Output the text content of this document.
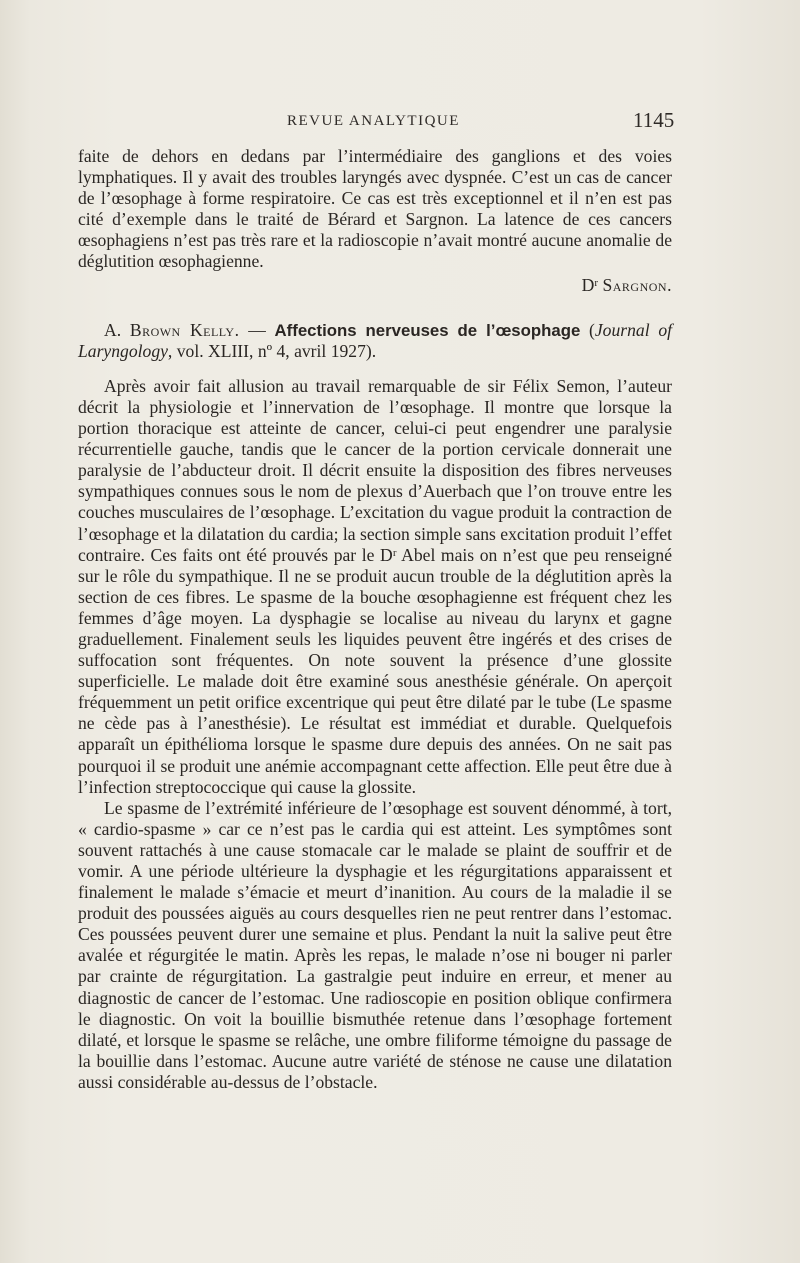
REVUE ANALYTIQUE	1145

faite de dehors en dedans par l’intermédiaire des ganglions et des voies lymphatiques. Il y avait des troubles laryngés avec dyspnée. C’est un cas de cancer de l’œsophage à forme respiratoire. Ce cas est très exceptionnel et il n’en est pas cité d’exemple dans le traité de Bérard et Sargnon. La latence de ces cancers œsophagiens n’est pas très rare et la radioscopie n’avait montré aucune anomalie de déglutition œsophagienne.

$D^r$ Sargnon.

A. Brown Kelly. — Affections nerveuses de l’œsophage (Journal of Laryngology, vol. XLIII, nº 4, avril 1927).

Après avoir fait allusion au travail remarquable de sir Félix Semon, l’auteur décrit la physiologie et l’innervation de l’œsophage. Il montre que lorsque la portion thoracique est atteinte de cancer, celui-ci peut engendrer une paralysie récurrentielle gauche, tandis que le cancer de la portion cervicale donnerait une paralysie de l’abducteur droit. Il décrit ensuite la disposition des fibres nerveuses sympathiques connues sous le nom de plexus d’Auerbach que l’on trouve entre les couches musculaires de l’œsophage. L’excitation du vague produit la contraction de l’œsophage et la dilatation du cardia; la section simple sans excitation produit l’effet contraire. Ces faits ont été prouvés par le Dʳ Abel mais on n’est que peu renseigné sur le rôle du sympathique. Il ne se produit aucun trouble de la déglutition après la section de ces fibres. Le spasme de la bouche œsophagienne est fréquent chez les femmes d’âge moyen. La dysphagie se localise au niveau du larynx et gagne graduellement. Finalement seuls les liquides peuvent être ingérés et des crises de suffocation sont fréquentes. On note souvent la présence d’une glossite superficielle. Le malade doit être examiné sous anesthésie générale. On aperçoit fréquemment un petit orifice excentrique qui peut être dilaté par le tube (Le spasme ne cède pas à l’anesthésie). Le résultat est immédiat et durable. Quelquefois apparaît un épithélioma lorsque le spasme dure depuis des années. On ne sait pas pourquoi il se produit une anémie accompagnant cette affection. Elle peut être due à l’infection streptococcique qui cause la glossite.

Le spasme de l’extrémité inférieure de l’œsophage est souvent dénommé, à tort, « cardio-spasme » car ce n’est pas le cardia qui est atteint. Les symptômes sont souvent rattachés à une cause stomacale car le malade se plaint de souffrir et de vomir. A une période ultérieure la dysphagie et les régurgitations apparaissent et finalement le malade s’émacie et meurt d’inanition. Au cours de la maladie il se produit des poussées aiguës au cours desquelles rien ne peut rentrer dans l’estomac. Ces poussées peuvent durer une semaine et plus. Pendant la nuit la salive peut être avalée et régurgitée le matin. Après les repas, le malade n’ose ni bouger ni parler par crainte de régurgitation. La gastralgie peut induire en erreur, et mener au diagnostic de cancer de l’estomac. Une radioscopie en position oblique confirmera le diagnostic. On voit la bouillie bismuthée retenue dans l’œsophage fortement dilaté, et lorsque le spasme se relâche, une ombre filiforme témoigne du passage de la bouillie dans l’estomac. Aucune autre variété de sténose ne cause une dilatation aussi considérable au-dessus de l’obstacle.
